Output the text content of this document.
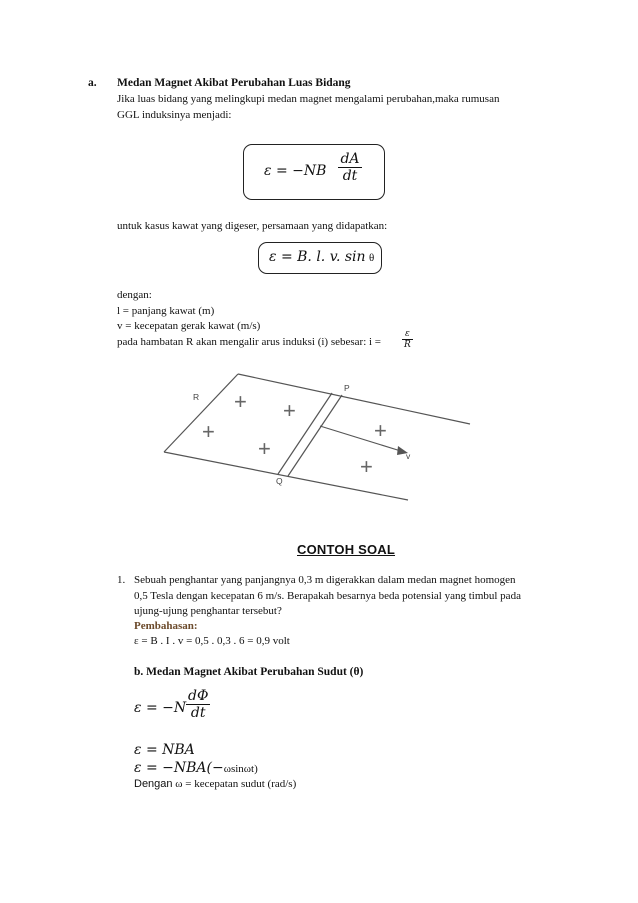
a. Medan Magnet Akibat Perubahan Luas Bidang
Jika luas bidang yang melingkupi medan magnet mengalami perubahan,maka rumusan
GGL induksinya menjadi:
$\varepsilon = -NB \frac{dA}{dt}$
untuk kasus kawat yang digeser, persamaan yang didapatkan:
ε = B. l. v. sin θ
dengan:
l = panjang kawat (m)
v = kecepatan gerak kawat (m/s)
pada hambatan R akan mengalir arus induksi (i) sebesar: $i = \frac{\varepsilon}{R}$
R
P
Q
v
+ +
+
+
+
+
CONTOH SOAL
1. Sebuah penghantar yang panjangnya 0,3 m digerakkan dalam medan magnet homogen
0,5 Tesla dengan kecepatan 6 m/s. Berapakah besarnya beda potensial yang timbul pada
ujung-ujung penghantar tersebut?
Pembahasan:
ε = B . I . v = 0,5 . 0,3 . 6 = 0,9 volt
b. Medan Magnet Akibat Perubahan Sudut (θ)
$\varepsilon = -N \frac{d\Phi}{dt}$
ε = NBA
ε = −NBA(−ωsinωt)
Dengan ω = kecepatan sudut (rad/s)
